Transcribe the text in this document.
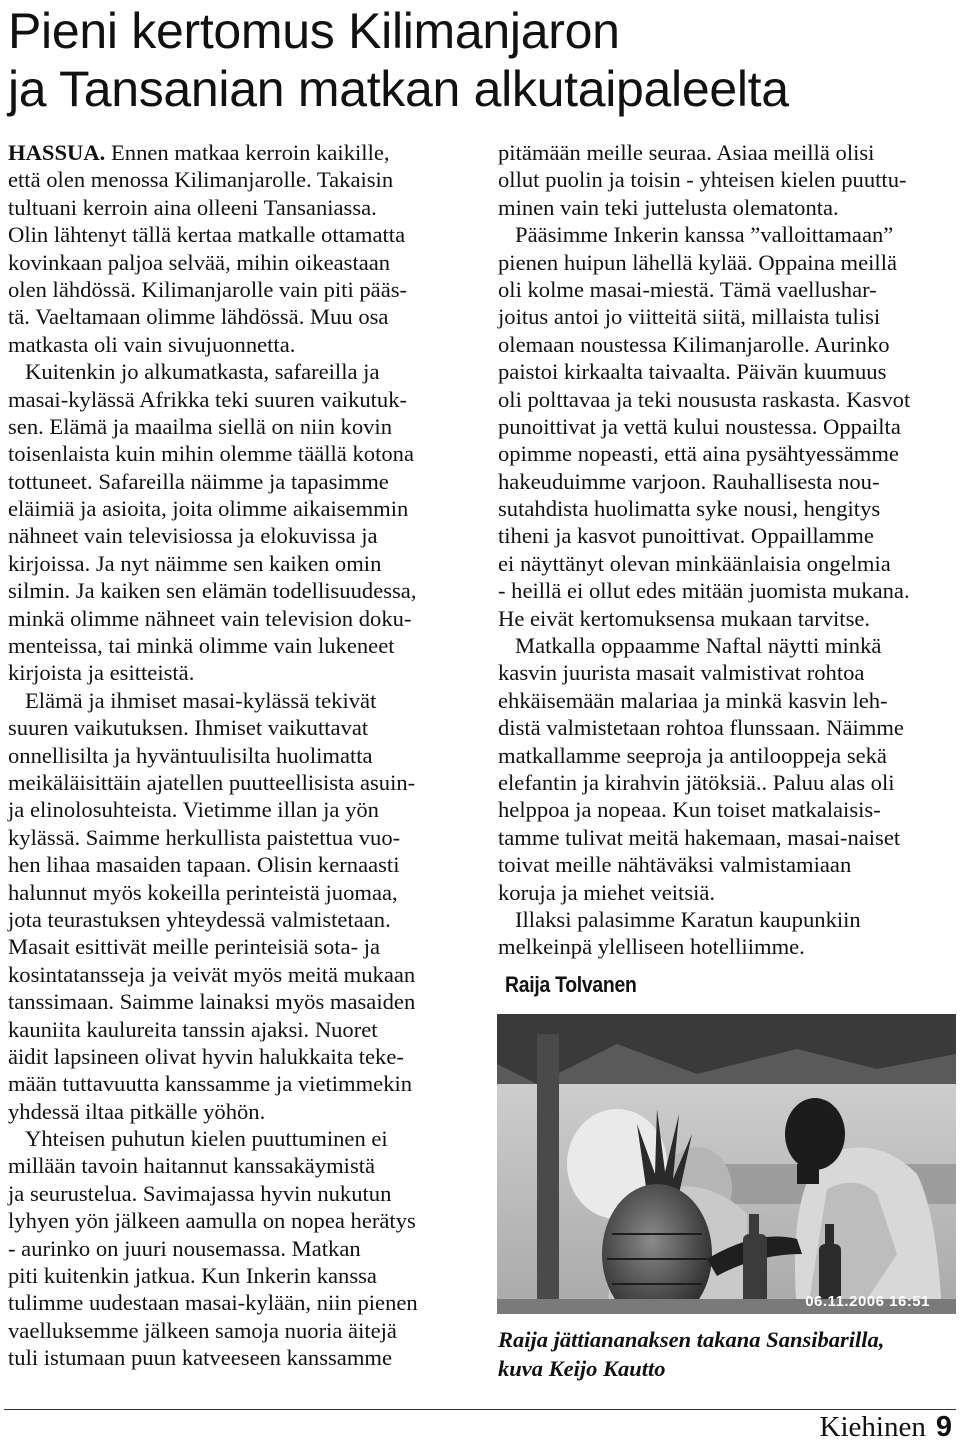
Pieni kertomus Kilimanjaron
ja Tansanian matkan alkutaipaleelta
HASSUA. Ennen matkaa kerroin kaikille,
että olen menossa Kilimanjarolle. Takaisin
tultuani kerroin aina olleeni Tansaniassa.
Olin lähtenyt tällä kertaa matkalle ottamatta
kovinkaan paljoa selvää, mihin oikeastaan
olen lähdössä. Kilimanjarolle vain piti pääs-
tä. Vaeltamaan olimme lähdössä. Muu osa
matkasta oli vain sivujuonnetta.
Kuitenkin jo alkumatkasta, safareilla ja
masai-kylässä Afrikka teki suuren vaikutuk-
sen. Elämä ja maailma siellä on niin kovin
toisenlaista kuin mihin olemme täällä kotona
tottuneet. Safareilla näimme ja tapasimme
eläimiä ja asioita, joita olimme aikaisemmin
nähneet vain televisiossa ja elokuvissa ja
kirjoissa. Ja nyt näimme sen kaiken omin
silmin. Ja kaiken sen elämän todellisuudessa,
minkä olimme nähneet vain television doku-
menteissa, tai minkä olimme vain lukeneet
kirjoista ja esitteistä.
Elämä ja ihmiset masai-kylässä tekivät
suuren vaikutuksen. Ihmiset vaikuttavat
onnellisilta ja hyväntuulisilta huolimatta
meikäläisittäin ajatellen puutteellisista asuin-
ja elinolosuhteista. Vietimme illan ja yön
kylässä. Saimme herkullista paistettua vuo-
hen lihaa masaiden tapaan. Olisin kernaasti
halunnut myös kokeilla perinteistä juomaa,
jota teurastuksen yhteydessä valmistetaan.
Masait esittivät meille perinteisiä sota- ja
kosintatansseja ja veivät myös meitä mukaan
tanssimaan. Saimme lainaksi myös masaiden
kauniita kaulureita tanssin ajaksi. Nuoret
äidit lapsineen olivat hyvin halukkaita teke-
mään tuttavuutta kanssamme ja vietimmekin
yhdessä iltaa pitkälle yöhön.
Yhteisen puhutun kielen puuttuminen ei
millään tavoin haitannut kanssakäymistä
ja seurustelua. Savimajassa hyvin nukutun
lyhyen yön jälkeen aamulla on nopea herätys
- aurinko on juuri nousemassa. Matkan
piti kuitenkin jatkua. Kun Inkerin kanssa
tulimme uudestaan masai-kylään, niin pienen
vaelluksemme jälkeen samoja nuoria äitejä
tuli istumaan puun katveeseen kanssamme
pitämään meille seuraa. Asiaa meillä olisi
ollut puolin ja toisin - yhteisen kielen puuttu-
minen vain teki juttelusta olematonta.
Pääsimme Inkerin kanssa ”valloittamaan”
pienen huipun lähellä kylää. Oppaina meillä
oli kolme masai-miestä. Tämä vaellushar-
joitus antoi jo viitteitä siitä, millaista tulisi
olemaan noustessa Kilimanjarolle. Aurinko
paistoi kirkaalta taivaalta. Päivän kuumuus
oli polttavaa ja teki noususta raskasta. Kasvot
punoittivat ja vettä kului noustessa. Oppailta
opimme nopeasti, että aina pysähtyessämme
hakeuduimme varjoon. Rauhallisesta nou-
sutahdista huolimatta syke nousi, hengitys
tiheni ja kasvot punoittivat. Oppaillamme
ei näyttänyt olevan minkäänlaisia ongelmia
- heillä ei ollut edes mitään juomista mukana.
He eivät kertomuksensa mukaan tarvitse.
Matkalla oppaamme Naftal näytti minkä
kasvin juurista masait valmistivat rohtoa
ehkäisemään malariaa ja minkä kasvin leh-
distä valmistetaan rohtoa flunssaan. Näimme
matkallamme seeproja ja antilooppeja sekä
elefantin ja kirahvin jätöksiä.. Paluu alas oli
helppoa ja nopeaa. Kun toiset matkalaisis-
tamme tulivat meitä hakemaan, masai-naiset
toivat meille nähtäväksi valmistamiaan
koruja ja miehet veitsiä.
Illaksi palasimme Karatun kaupunkiin
melkeinpä ylelliseen hotelliimme.

Raija Tolvanen

06.11.2006 16:51

Raija jättiananaksen takana Sansibarilla,
kuva Keijo Kautto

Kiehinen 9
